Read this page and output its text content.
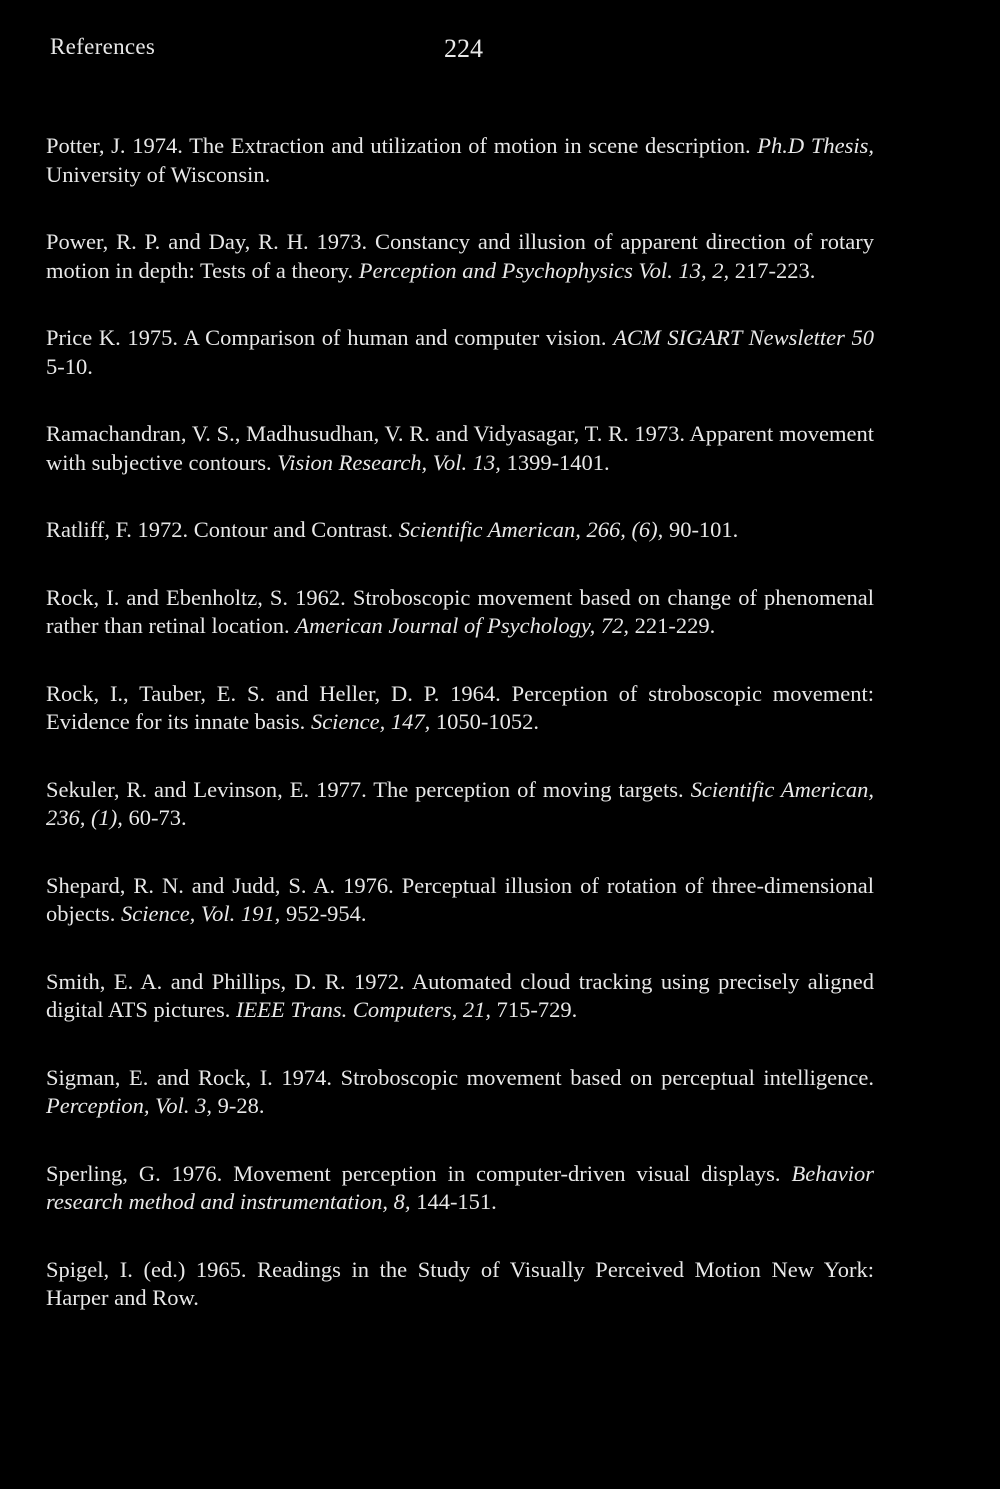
References	224

Potter, J. 1974. The Extraction and utilization of motion in scene description. Ph.D Thesis, University of Wisconsin.

Power, R. P. and Day, R. H. 1973. Constancy and illusion of apparent direction of rotary motion in depth: Tests of a theory. Perception and Psychophysics Vol. 13, 2, 217-223.

Price K. 1975. A Comparison of human and computer vision. ACM SIGART Newsletter 50 5-10.

Ramachandran, V. S., Madhusudhan, V. R. and Vidyasagar, T. R. 1973. Apparent movement with subjective contours. Vision Research, Vol. 13, 1399-1401.

Ratliff, F. 1972. Contour and Contrast. Scientific American, 266, (6), 90-101.

Rock, I. and Ebenholtz, S. 1962. Stroboscopic movement based on change of phenomenal rather than retinal location. American Journal of Psychology, 72, 221-229.

Rock, I., Tauber, E. S. and Heller, D. P. 1964. Perception of stroboscopic movement: Evidence for its innate basis. Science, 147, 1050-1052.

Sekuler, R. and Levinson, E. 1977. The perception of moving targets. Scientific American, 236, (1), 60-73.

Shepard, R. N. and Judd, S. A. 1976. Perceptual illusion of rotation of three-dimensional objects. Science, Vol. 191, 952-954.

Smith, E. A. and Phillips, D. R. 1972. Automated cloud tracking using precisely aligned digital ATS pictures. IEEE Trans. Computers, 21, 715-729.

Sigman, E. and Rock, I. 1974. Stroboscopic movement based on perceptual intelligence. Perception, Vol. 3, 9-28.

Sperling, G. 1976. Movement perception in computer-driven visual displays. Behavior research method and instrumentation, 8, 144-151.

Spigel, I. (ed.) 1965. Readings in the Study of Visually Perceived Motion New York: Harper and Row.
